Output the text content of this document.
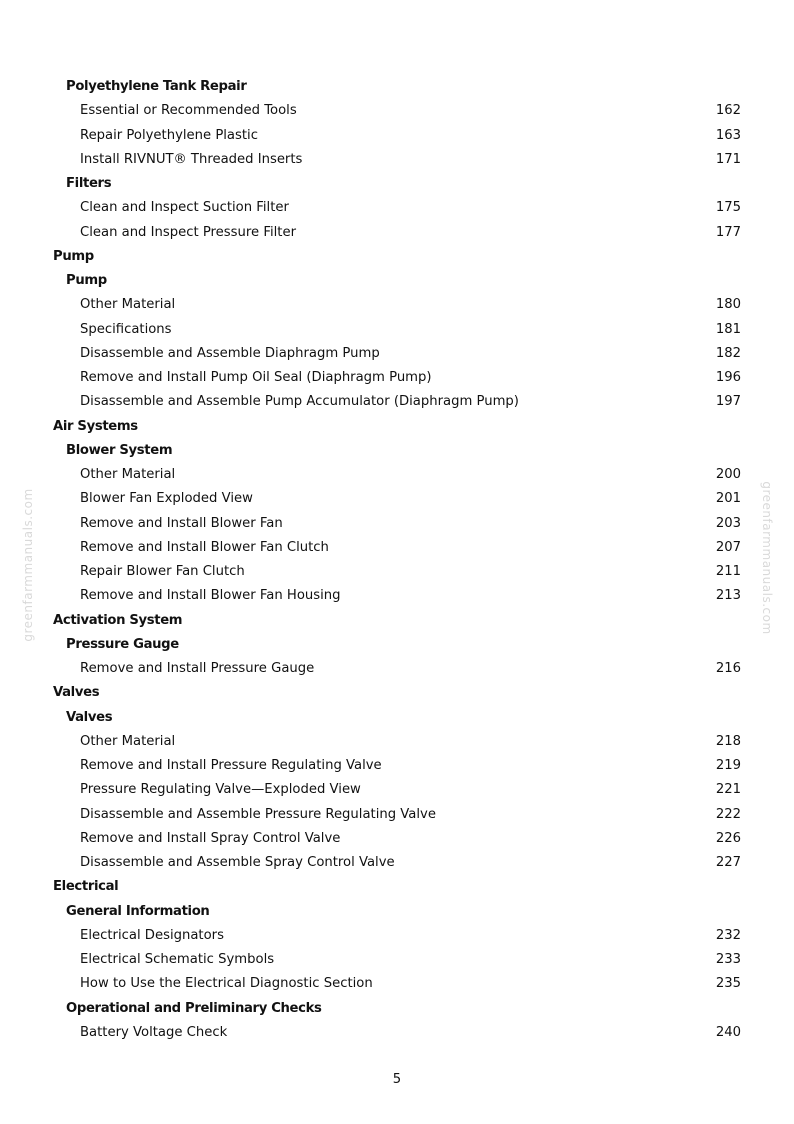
Polyethylene Tank Repair
Essential or Recommended Tools	162
Repair Polyethylene Plastic	163
Install RIVNUT® Threaded Inserts	171
Filters
Clean and Inspect Suction Filter	175
Clean and Inspect Pressure Filter	177
Pump
Pump
Other Material	180
Specifications	181
Disassemble and Assemble Diaphragm Pump	182
Remove and Install Pump Oil Seal (Diaphragm Pump)	196
Disassemble and Assemble Pump Accumulator (Diaphragm Pump)	197
Air Systems
Blower System
Other Material	200
Blower Fan Exploded View	201
Remove and Install Blower Fan	203
Remove and Install Blower Fan Clutch	207
Repair Blower Fan Clutch	211
Remove and Install Blower Fan Housing	213
Activation System
Pressure Gauge
Remove and Install Pressure Gauge	216
Valves
Valves
Other Material	218
Remove and Install Pressure Regulating Valve	219
Pressure Regulating Valve—Exploded View	221
Disassemble and Assemble Pressure Regulating Valve	222
Remove and Install Spray Control Valve	226
Disassemble and Assemble Spray Control Valve	227
Electrical
General Information
Electrical Designators	232
Electrical Schematic Symbols	233
How to Use the Electrical Diagnostic Section	235
Operational and Preliminary Checks
Battery Voltage Check	240
5
greenfarmmanuals.com	greenfarmmanuals.com
